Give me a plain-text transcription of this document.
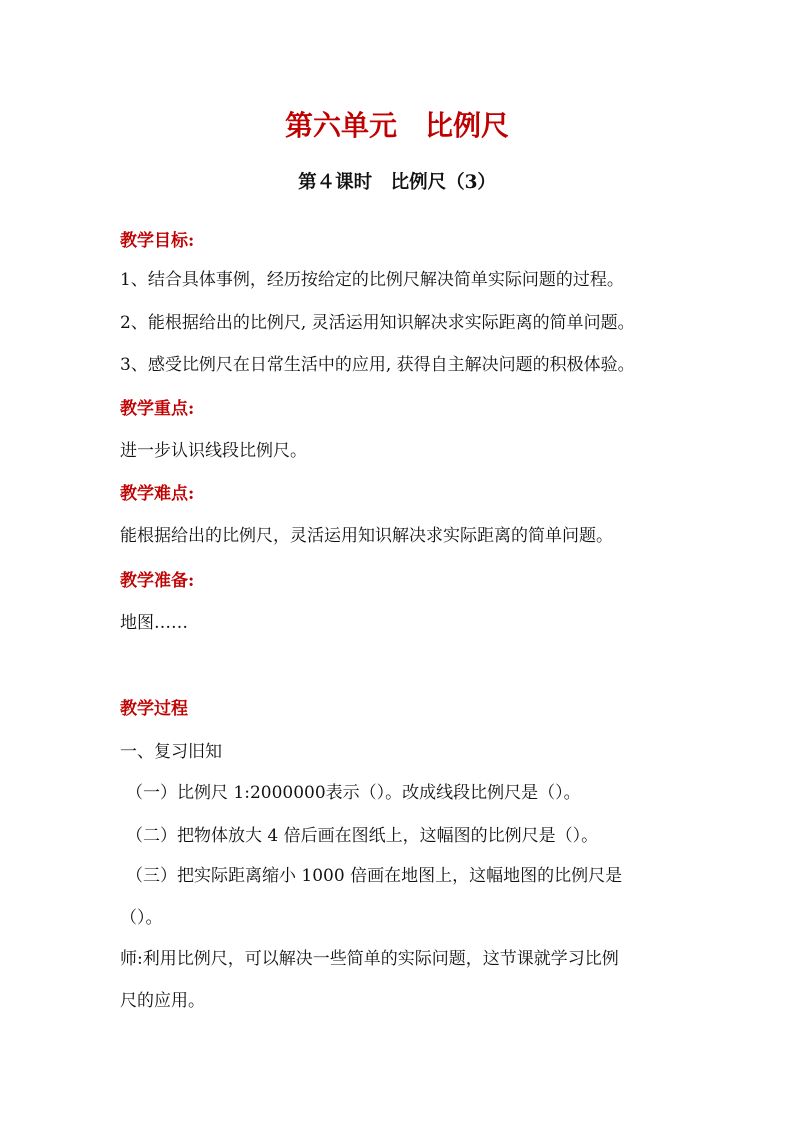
第六单元　比例尺
第４课时　比例尺（3）
教学目标:
1、结合具体事例，经历按给定的比例尺解决简单实际问题的过程。
2、能根据给出的比例尺, 灵活运用知识解决求实际距离的简单问题。
3、感受比例尺在日常生活中的应用, 获得自主解决问题的积极体验。
教学重点:
进一步认识线段比例尺。
教学难点:
能根据给出的比例尺，灵活运用知识解决求实际距离的简单问题。
教学准备:
地图……
教学过程
一、复习旧知
（一）比例尺 1:2000000表示（）。改成线段比例尺是（）。
（二）把物体放大 4 倍后画在图纸上，这幅图的比例尺是（）。
（三）把实际距离缩小 1000 倍画在地图上，这幅地图的比例尺是
（）。
师:利用比例尺，可以解决一些简单的实际问题，这节课就学习比例
尺的应用。
